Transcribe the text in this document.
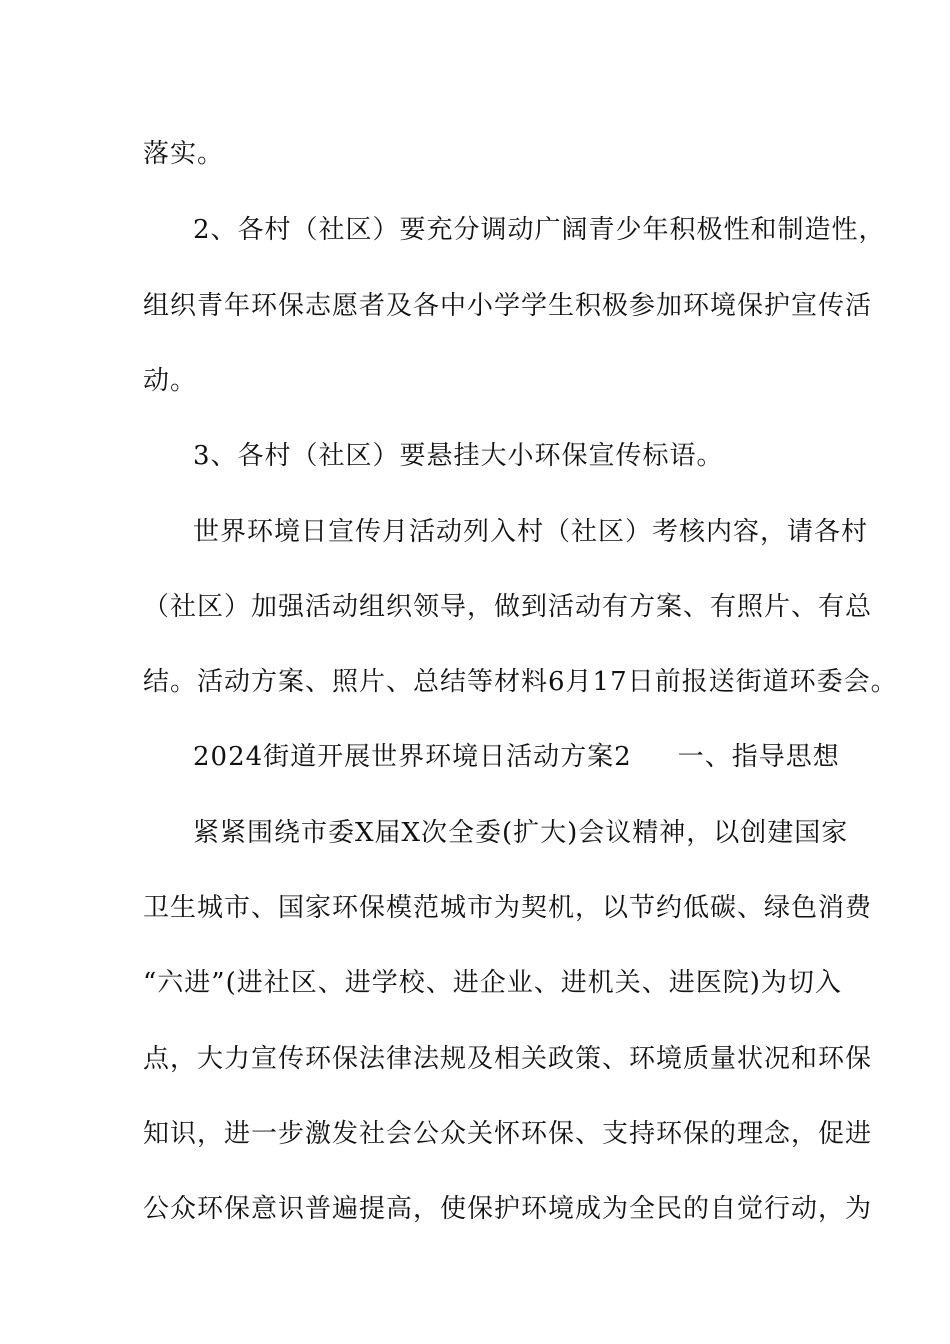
落实。
2、各村（社区）要充分调动广阔青少年积极性和制造性，
组织青年环保志愿者及各中小学学生积极参加环境保护宣传活
动。
3、各村（社区）要悬挂大小环保宣传标语。
世界环境日宣传月活动列入村（社区）考核内容，请各村
（社区）加强活动组织领导，做到活动有方案、有照片、有总
结。活动方案、照片、总结等材料6月17日前报送街道环委会。
2024街道开展世界环境日活动方案2 一、指导思想
紧紧围绕市委X届X次全委(扩大)会议精神，以创建国家
卫生城市、国家环保模范城市为契机，以节约低碳、绿色消费
“六进”(进社区、进学校、进企业、进机关、进医院)为切入
点，大力宣传环保法律法规及相关政策、环境质量状况和环保
知识，进一步激发社会公众关怀环保、支持环保的理念，促进
公众环保意识普遍提高，使保护环境成为全民的自觉行动，为
